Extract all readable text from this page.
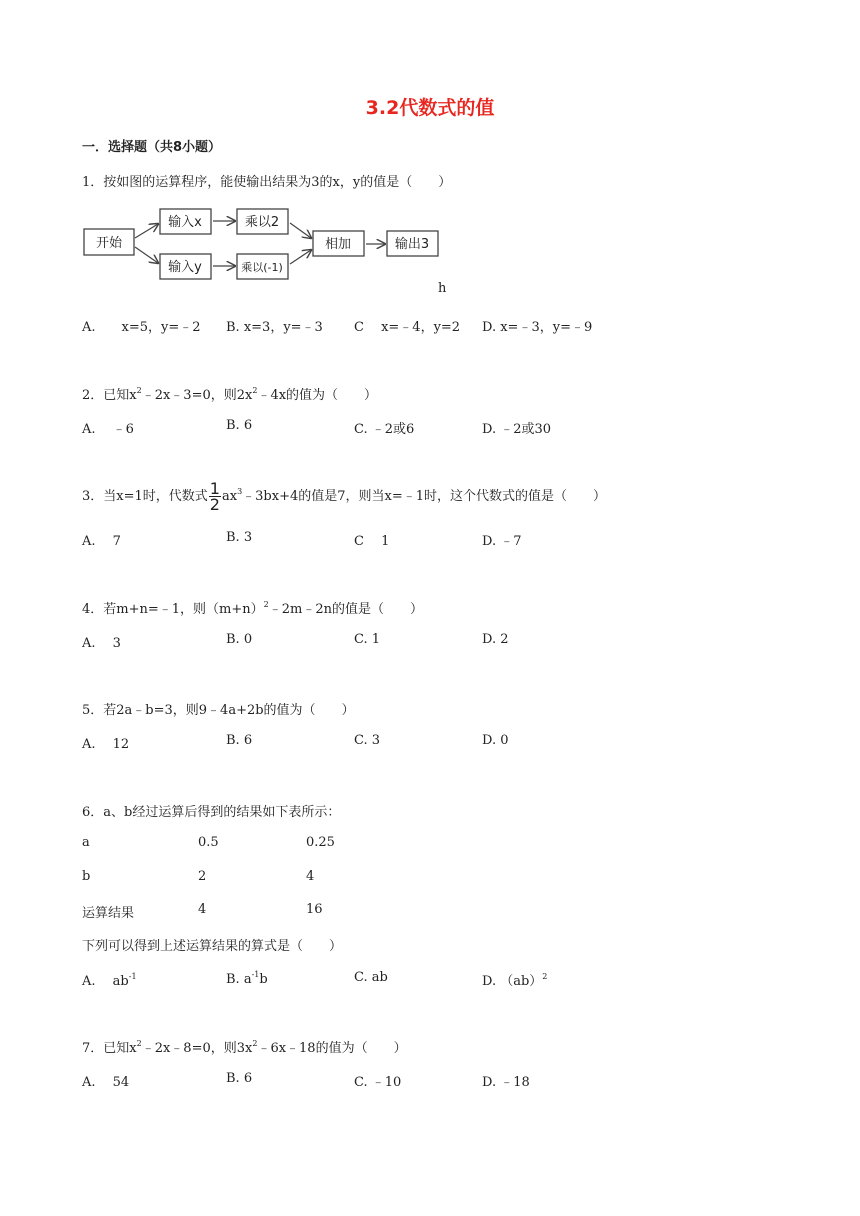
3.2代数式的值
一．选择题（共8小题）
1．按如图的运算程序，能使输出结果为3的x，y的值是（　　）
开始
输入x
输入y
乘以2
乘以(-1)
相加	输出3
h
A.　　x=5，y=﹣2 B. x=3，y=﹣3 C　 x=﹣4，y=2 D. x=﹣3，y=﹣9
2．已知$x^2﹣2x﹣3=0$，则$2x^2﹣4x$的值为（　　）
A.　 ﹣6	B. 6	C. ﹣2或6	D. ﹣2或30
3．当x=1时，代数式 $\frac{1}{2}$ $ax^3﹣3bx+4$的值是7，则当x=﹣1时，这个代数式的值是（　　）
A.　 7	B. 3	C　 1	D. ﹣7
4．若m+n=﹣1，则$(m+n)^2﹣2m﹣2n$的值是（　　）
A.　 3	B. 0	C. 1	D. 2
5．若2a﹣b=3，则9﹣4a+2b的值为（　　）
A.　 12	B. 6	C. 3	D. 0
6．a、b经过运算后得到的结果如下表所示：
a	0.5	0.25
b	2	4
运算结果	4	16
下列可以得到上述运算结果的算式是（　　）
A.　 $ab^{-1}$	B. $a^{-1}b$	C. ab	D. （ab）$^2$
7．已知$x^2﹣2x﹣8=0$，则$3x^2﹣6x﹣18$的值为（　　）
A.　 54	B. 6	C. ﹣10	D. ﹣18
